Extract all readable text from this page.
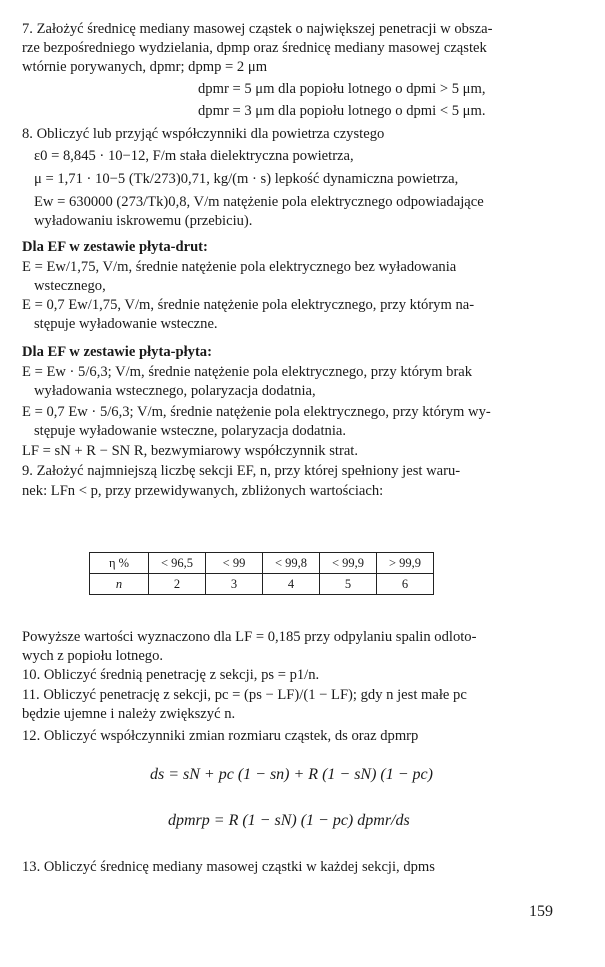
7. Założyć średnicę mediany masowej cząstek o największej penetracji w obsza-
rze bezpośredniego wydzielania, dpmp oraz średnicę mediany masowej cząstek
wtórnie porywanych, dpmr; dpmp = 2 μm
dpmr = 5 μm dla popiołu lotnego o dpmi > 5 μm,
dpmr = 3 μm dla popiołu lotnego o dpmi < 5 μm.
8. Obliczyć lub przyjąć współczynniki dla powietrza czystego
ε0 = 8,845 · 10−12, F/m stała dielektryczna powietrza,
μ = 1,71 · 10−5 (Tk/273)0,71, kg/(m · s) lepkość dynamiczna powietrza,
Ew = 630000 (273/Tk)0,8, V/m natężenie pola elektrycznego odpowiadające
wyładowaniu iskrowemu (przebiciu).
Dla EF w zestawie płyta-drut:
E = Ew/1,75, V/m, średnie natężenie pola elektrycznego bez wyładowania
wstecznego,
E = 0,7 Ew/1,75, V/m, średnie natężenie pola elektrycznego, przy którym na-
stępuje wyładowanie wsteczne.
Dla EF w zestawie płyta-płyta:
E = Ew · 5/6,3; V/m, średnie natężenie pola elektrycznego, przy którym brak
wyładowania wstecznego, polaryzacja dodatnia,
E = 0,7 Ew · 5/6,3; V/m, średnie natężenie pola elektrycznego, przy którym wy-
stępuje wyładowanie wsteczne, polaryzacja dodatnia.
LF = sN + R − SN R, bezwymiarowy współczynnik strat.
9. Założyć najmniejszą liczbę sekcji EF, n, przy której spełniony jest waru-
nek: LFn < p, przy przewidywanych, zbliżonych wartościach:
η %	< 96,5	< 99	< 99,8	< 99,9	> 99,9
n	2	3	4	5	6
Powyższe wartości wyznaczono dla LF = 0,185 przy odpylaniu spalin odloto-
wych z popiołu lotnego.
10. Obliczyć średnią penetrację z sekcji, ps = p1/n.
11. Obliczyć penetrację z sekcji, pc = (ps − LF)/(1 − LF); gdy n jest małe pc
będzie ujemne i należy zwiększyć n.
12. Obliczyć współczynniki zmian rozmiaru cząstek, ds oraz dpmrp
ds = sN + pc (1 − sn) + R (1 − sN) (1 − pc)
dpmrp = R (1 − sN) (1 − pc) dpmr/ds
13. Obliczyć średnicę mediany masowej cząstki w każdej sekcji, dpms
159
